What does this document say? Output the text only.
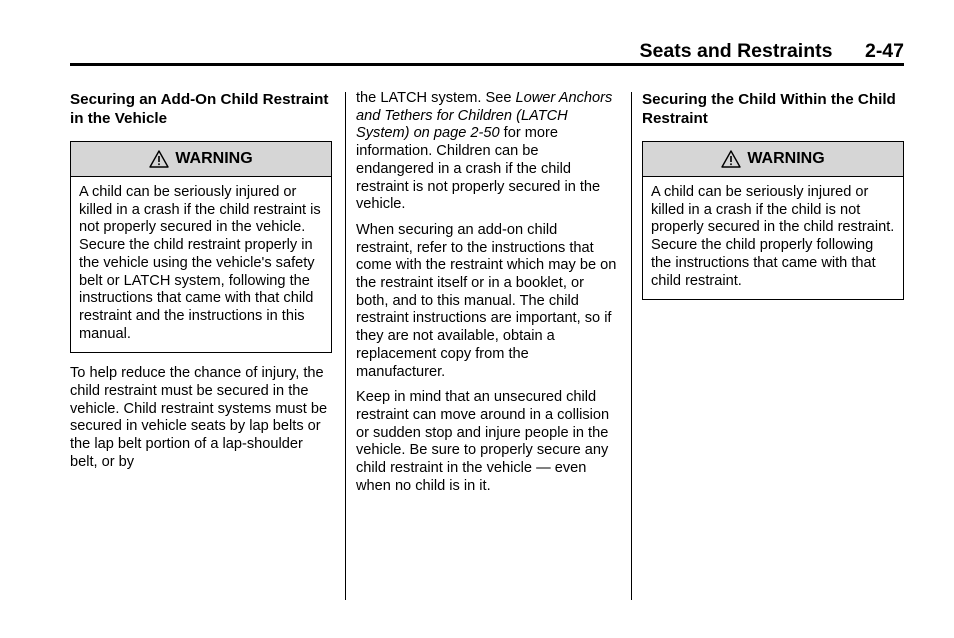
Seats and Restraints 2-47
Securing an Add-On Child Restraint in the Vehicle
WARNING
A child can be seriously injured or killed in a crash if the child restraint is not properly secured in the vehicle. Secure the child restraint properly in the vehicle using the vehicle's safety belt or LATCH system, following the instructions that came with that child restraint and the instructions in this manual.

To help reduce the chance of injury, the child restraint must be secured in the vehicle. Child restraint systems must be secured in vehicle seats by lap belts or the lap belt portion of a lap-shoulder belt, or by

the LATCH system. See Lower Anchors and Tethers for Children (LATCH System) on page 2-50 for more information. Children can be endangered in a crash if the child restraint is not properly secured in the vehicle.

When securing an add-on child restraint, refer to the instructions that come with the restraint which may be on the restraint itself or in a booklet, or both, and to this manual. The child restraint instructions are important, so if they are not available, obtain a replacement copy from the manufacturer.

Keep in mind that an unsecured child restraint can move around in a collision or sudden stop and injure people in the vehicle. Be sure to properly secure any child restraint in the vehicle — even when no child is in it.

Securing the Child Within the Child Restraint
WARNING
A child can be seriously injured or killed in a crash if the child is not properly secured in the child restraint. Secure the child properly following the instructions that came with that child restraint.
